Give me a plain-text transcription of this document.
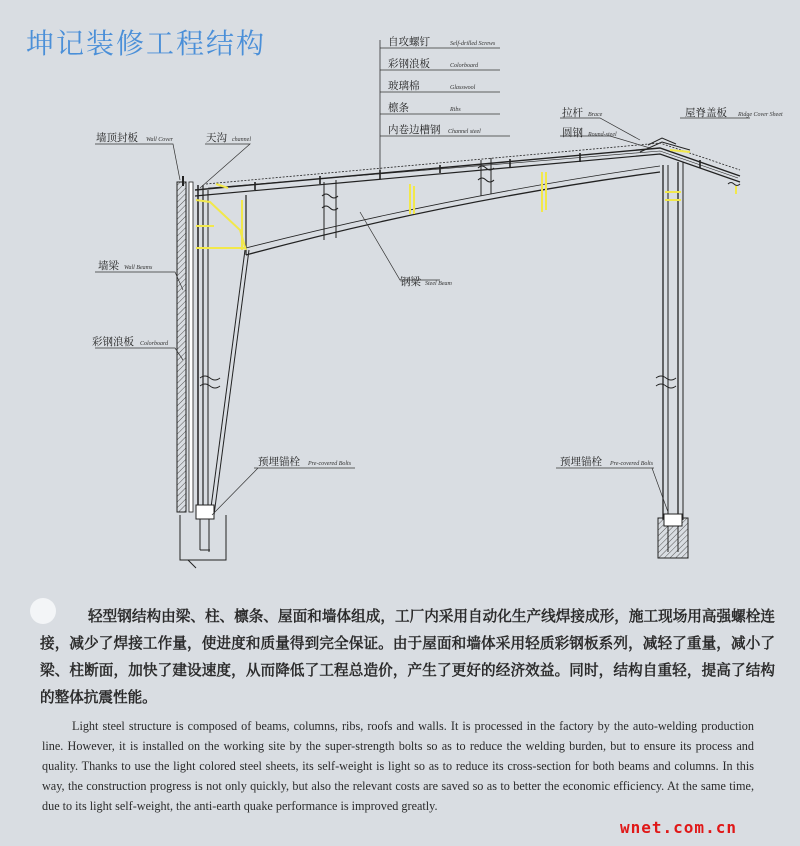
坤记装修工程结构	自攻螺钉	Self-drilled Screws
彩钢浪板	Colorboard
玻璃棉	Glasswool
檩条	Ribs
内卷边槽钢 Channel steel
墙顶封板 Wall Cover	天沟 channel
墙梁 Wall Beams
彩钢浪板 Colorboard
钢梁 Steel Beam
拉杆 Brace
圆钢 Round-steel
屋脊盖板 Ridge Cover Sheet
预埋锚栓 Pre-covered Bolts	预埋锚栓 Pre-covered Bolts
轻型钢结构由梁、柱、檩条、屋面和墙体组成，工厂内采用自动化生产线焊接成形，施工现场用高强螺栓连接，减少了焊接工作量，使进度和质量得到完全保证。由于屋面和墙体采用轻质彩钢板系列，减轻了重量，减小了梁、柱断面，加快了建设速度，从而降低了工程总造价，产生了更好的经济效益。同时，结构自重轻，提高了结构的整体抗震性能。
Light steel structure is composed of beams, columns, ribs, roofs and walls. It is processed in the factory by the auto-welding production line. However, it is installed on the working site by the super-strength bolts so as to reduce the welding burden, but to ensure its process and quality. Thanks to use the light colored steel sheets, its self-weight is light so as to reduce its cross-section for both beams and columns. In this way, the construction progress is not only quickly, but also the relevant costs are saved so as to better the economic efficiency. At the same time, due to its light self-weight, the anti-earth quake performance is improved greatly.
wnet.com.cn
